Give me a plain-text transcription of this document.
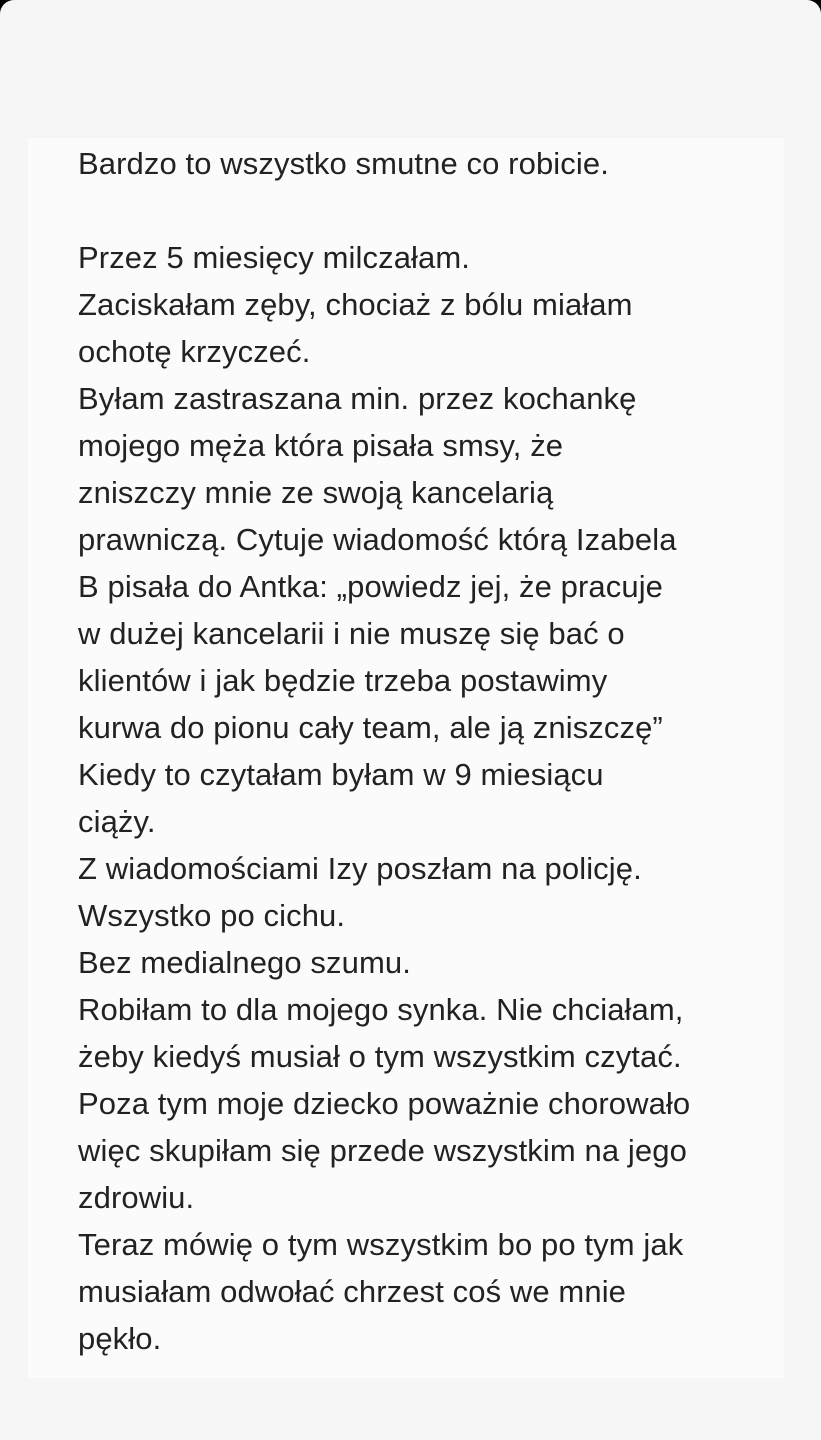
Bardzo to wszystko smutne co robicie.
Przez 5 miesięcy milczałam.
Zaciskałam zęby, chociaż z bólu miałam
ochotę krzyczeć.
Byłam zastraszana min. przez kochankę
mojego męża która pisała smsy, że
zniszczy mnie ze swoją kancelarią
prawniczą. Cytuje wiadomość którą Izabela
B pisała do Antka: „powiedz jej, że pracuje
w dużej kancelarii i nie muszę się bać o
klientów i jak będzie trzeba postawimy
kurwa do pionu cały team, ale ją zniszczę”
Kiedy to czytałam byłam w 9 miesiącu
ciąży.
Z wiadomościami Izy poszłam na policję.
Wszystko po cichu.
Bez medialnego szumu.
Robiłam to dla mojego synka. Nie chciałam,
żeby kiedyś musiał o tym wszystkim czytać.
Poza tym moje dziecko poważnie chorowało
więc skupiłam się przede wszystkim na jego
zdrowiu.
Teraz mówię o tym wszystkim bo po tym jak
musiałam odwołać chrzest coś we mnie
pękło.
